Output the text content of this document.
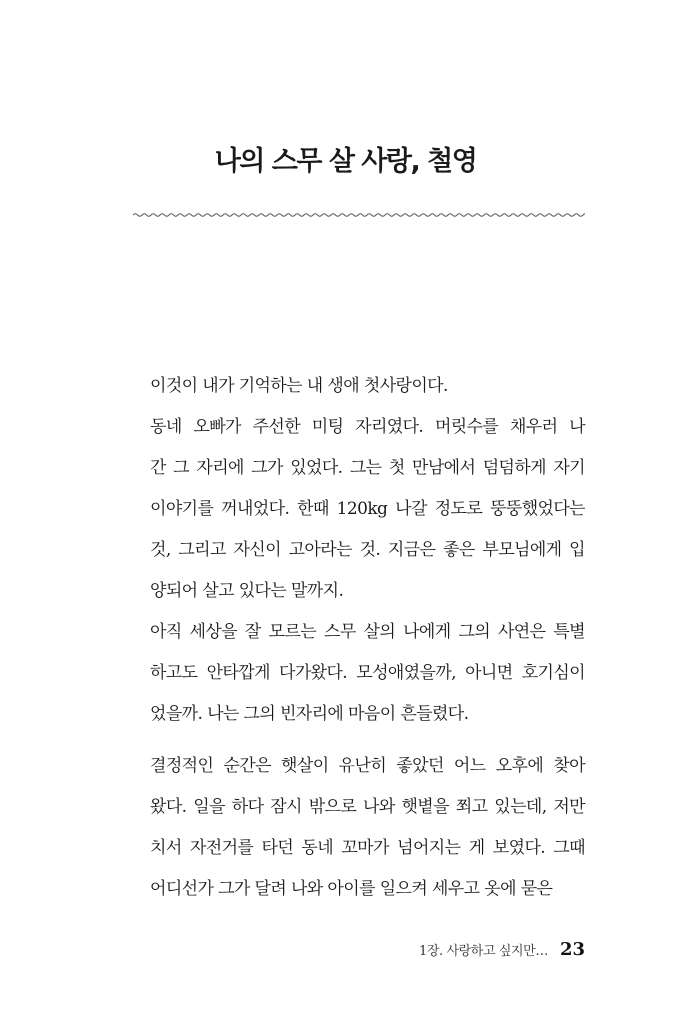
나의 스무 살 사랑, 철영

이것이 내가 기억하는 내 생애 첫사랑이다.

동네 오빠가 주선한 미팅 자리였다. 머릿수를 채우러 나
간 그 자리에 그가 있었다. 그는 첫 만남에서 덤덤하게 자기
이야기를 꺼내었다. 한때 120kg 나갈 정도로 뚱뚱했었다는
것, 그리고 자신이 고아라는 것. 지금은 좋은 부모님에게 입
양되어 살고 있다는 말까지.

아직 세상을 잘 모르는 스무 살의 나에게 그의 사연은 특별
하고도 안타깝게 다가왔다. 모성애였을까, 아니면 호기심이
었을까. 나는 그의 빈자리에 마음이 흔들렸다.

결정적인 순간은 햇살이 유난히 좋았던 어느 오후에 찾아
왔다. 일을 하다 잠시 밖으로 나와 햇볕을 쬐고 있는데, 저만
치서 자전거를 타던 동네 꼬마가 넘어지는 게 보였다. 그때
어디선가 그가 달려 나와 아이를 일으켜 세우고 옷에 묻은

1장. 사랑하고 싶지만… 23
